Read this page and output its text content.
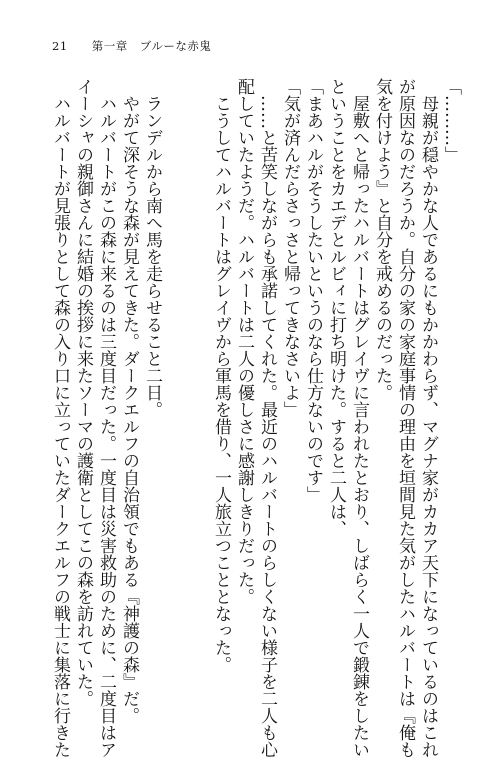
21 第一章　ブルーな赤鬼
「………」
　母親が穏やかな人であるにもかかわらず、マグナ家がカカア天下になっているのはこれ
が原因なのだろうか。自分の家の家庭事情の理由を垣間見た気がしたハルバートは『俺も
気を付けよう』と自分を戒めるのだった。
　屋敷へと帰ったハルバートはグレイヴに言われたとおり、しばらく一人で鍛錬をしたい
ということをカエデとルビィに打ち明けた。すると二人は、
「まあハルがそうしたいというのなら仕方ないのです」
「気が済んだらさっさと帰ってきなさいよ」
　……と苦笑しながらも承諾してくれた。最近のハルバートのらしくない様子を二人も心
配していたようだ。ハルバートは二人の優しさに感謝しきりだった。
　こうしてハルバートはグレイヴから軍馬を借り、一人旅立つこととなった。
　ランデルから南へ馬を走らせること二日。
　やがて深そうな森が見えてきた。ダークエルフの自治領でもある『神護の森』だ。
　ハルバートがこの森に来るのは三度目だった。一度目は災害救助のために、二度目はア
イーシャの親御さんに結婚の挨拶に来たソーマの護衛としてこの森を訪れていた。
　ハルバートが見張りとして森の入り口に立っていたダークエルフの戦士に集落に行きた
